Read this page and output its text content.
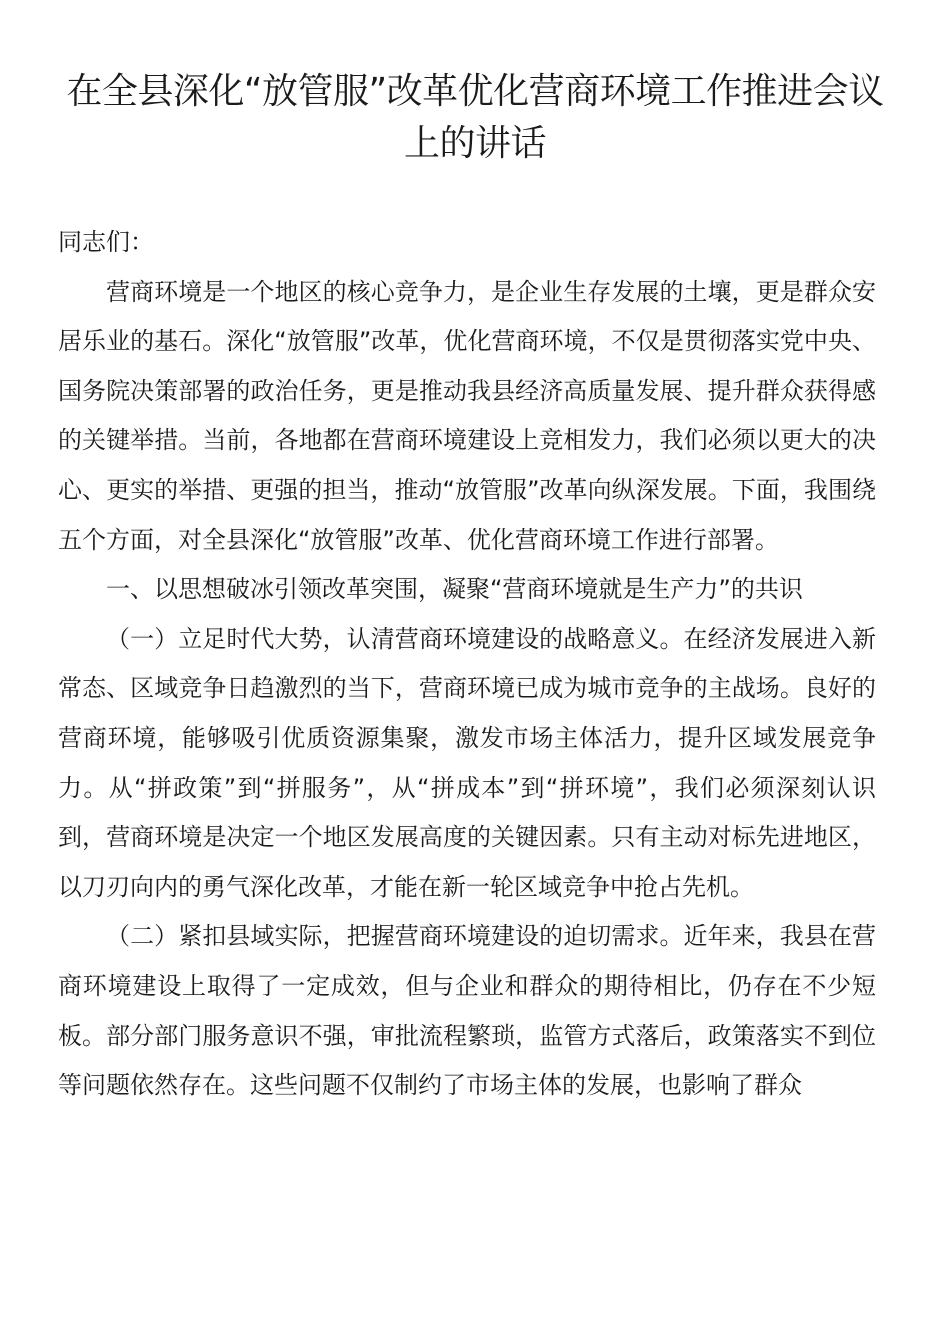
在全县深化“放管服”改革优化营商环境工作推进会议上的讲话

同志们：

营商环境是一个地区的核心竞争力，是企业生存发展的土壤，更是群众安居乐业的基石。深化“放管服”改革，优化营商环境，不仅是贯彻落实党中央、国务院决策部署的政治任务，更是推动我县经济高质量发展、提升群众获得感的关键举措。当前，各地都在营商环境建设上竞相发力，我们必须以更大的决心、更实的举措、更强的担当，推动“放管服”改革向纵深发展。下面，我围绕五个方面，对全县深化“放管服”改革、优化营商环境工作进行部署。

一、以思想破冰引领改革突围，凝聚“营商环境就是生产力”的共识

（一）立足时代大势，认清营商环境建设的战略意义。在经济发展进入新常态、区域竞争日趋激烈的当下，营商环境已成为城市竞争的主战场。良好的营商环境，能够吸引优质资源集聚，激发市场主体活力，提升区域发展竞争力。从“拼政策”到“拼服务”，从“拼成本”到“拼环境”，我们必须深刻认识到，营商环境是决定一个地区发展高度的关键因素。只有主动对标先进地区，以刀刃向内的勇气深化改革，才能在新一轮区域竞争中抢占先机。

（二）紧扣县域实际，把握营商环境建设的迫切需求。近年来，我县在营商环境建设上取得了一定成效，但与企业和群众的期待相比，仍存在不少短板。部分部门服务意识不强，审批流程繁琐，监管方式落后，政策落实不到位等问题依然存在。这些问题不仅制约了市场主体的发展，也影响了群众
